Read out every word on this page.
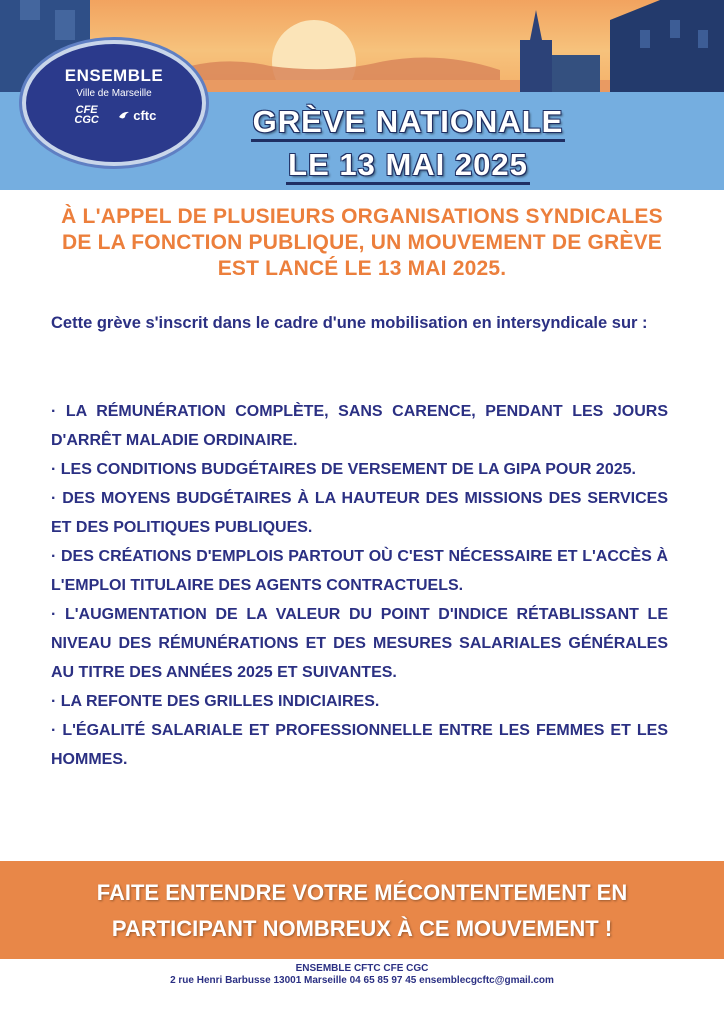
ENSEMBLE
Ville de Marseille
CFE CGC	cftc	GRÈVE NATIONALE
LE 13 MAI 2025
À L'APPEL DE PLUSIEURS ORGANISATIONS SYNDICALES DE LA FONCTION PUBLIQUE, UN MOUVEMENT DE GRÈVE EST LANCÉ LE 13 MAI 2025.
Cette grève s'inscrit dans le cadre d'une mobilisation en intersyndicale sur :
· LA RÉMUNÉRATION COMPLÈTE, SANS CARENCE, PENDANT LES JOURS D'ARRÊT MALADIE ORDINAIRE.
· LES CONDITIONS BUDGÉTAIRES DE VERSEMENT DE LA GIPA POUR 2025.
· DES MOYENS BUDGÉTAIRES À LA HAUTEUR DES MISSIONS DES SERVICES ET DES POLITIQUES PUBLIQUES.
· DES CRÉATIONS D'EMPLOIS PARTOUT OÙ C'EST NÉCESSAIRE ET L'ACCÈS À L'EMPLOI TITULAIRE DES AGENTS CONTRACTUELS.
· L'AUGMENTATION DE LA VALEUR DU POINT D'INDICE RÉTABLISSANT LE NIVEAU DES RÉMUNÉRATIONS ET DES MESURES SALARIALES GÉNÉRALES AU TITRE DES ANNÉES 2025 ET SUIVANTES.
· LA REFONTE DES GRILLES INDICIAIRES.
· L'ÉGALITÉ SALARIALE ET PROFESSIONNELLE ENTRE LES FEMMES ET LES HOMMES.
FAITE ENTENDRE VOTRE MÉCONTENTEMENT EN
PARTICIPANT NOMBREUX À CE MOUVEMENT !
ENSEMBLE CFTC CFE CGC
2 rue Henri Barbusse 13001 Marseille 04 65 85 97 45 ensemblecgcftc@gmail.com
